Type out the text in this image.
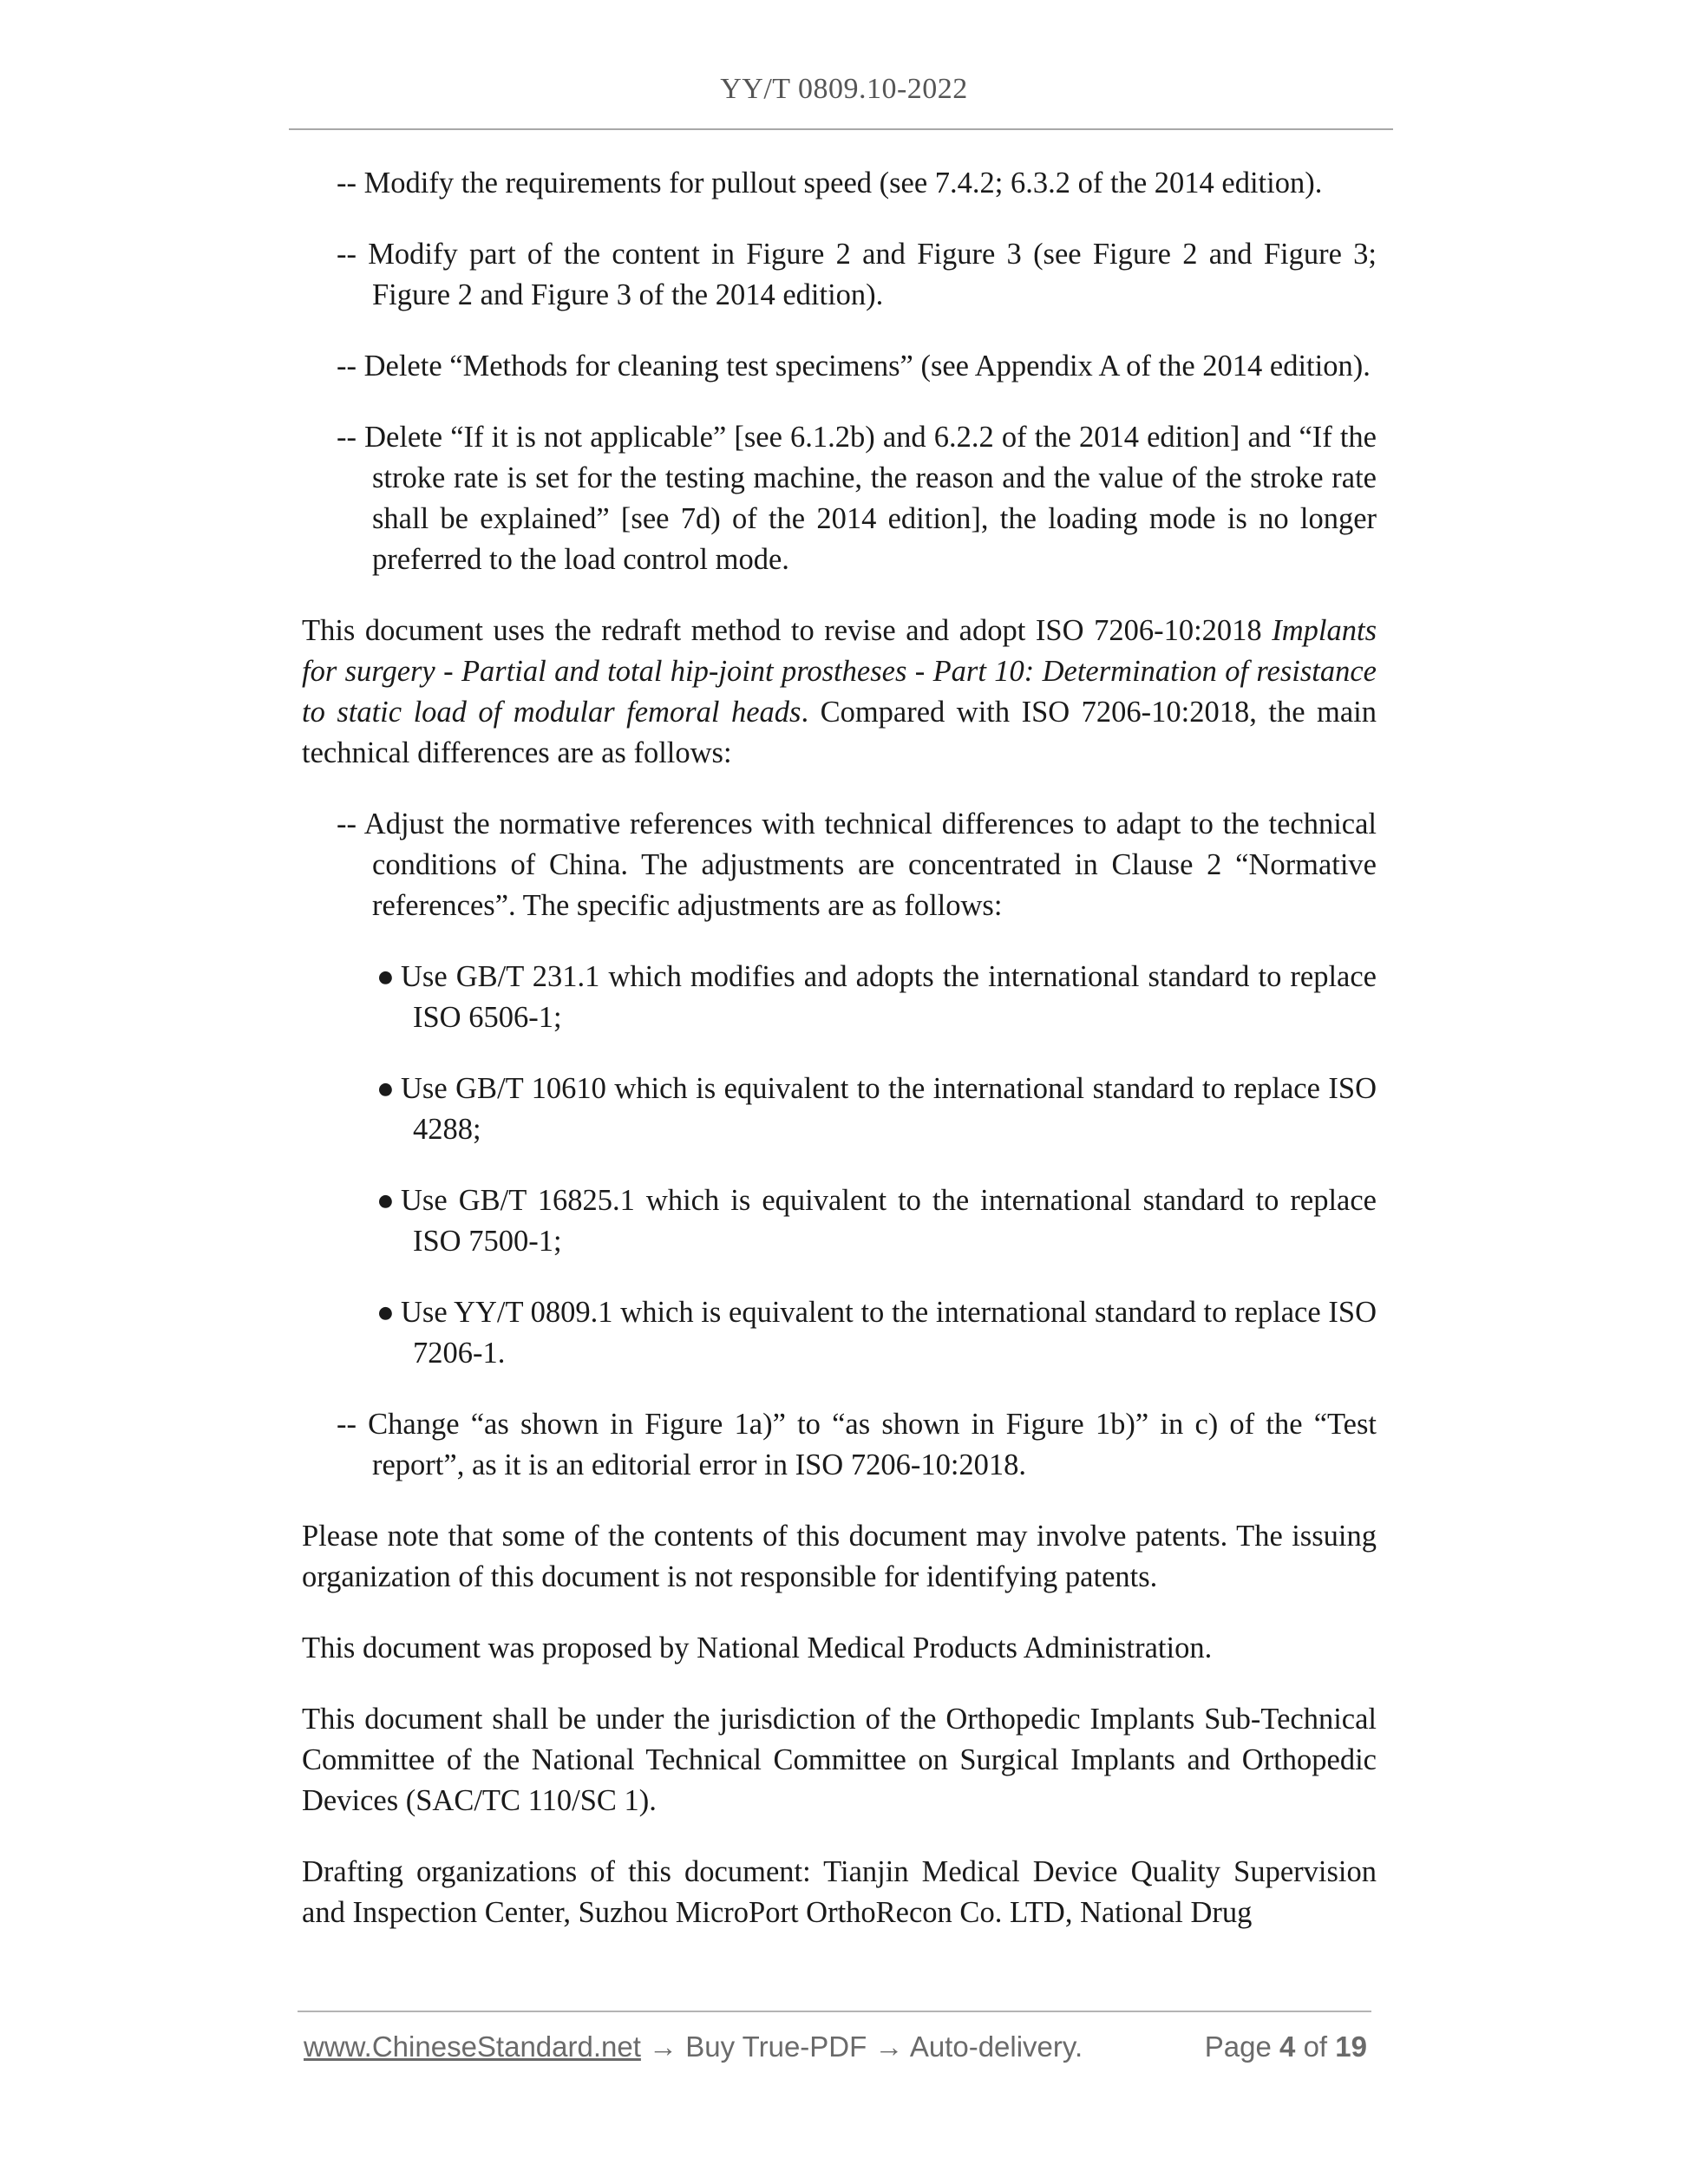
YY/T 0809.10-2022

-- Modify the requirements for pullout speed (see 7.4.2; 6.3.2 of the 2014 edition).

-- Modify part of the content in Figure 2 and Figure 3 (see Figure 2 and Figure 3; Figure 2 and Figure 3 of the 2014 edition).

-- Delete “Methods for cleaning test specimens” (see Appendix A of the 2014 edition).

-- Delete “If it is not applicable” [see 6.1.2b) and 6.2.2 of the 2014 edition] and “If the stroke rate is set for the testing machine, the reason and the value of the stroke rate shall be explained” [see 7d) of the 2014 edition], the loading mode is no longer preferred to the load control mode.

This document uses the redraft method to revise and adopt ISO 7206-10:2018 Implants for surgery - Partial and total hip-joint prostheses - Part 10: Determination of resistance to static load of modular femoral heads. Compared with ISO 7206-10:2018, the main technical differences are as follows:

-- Adjust the normative references with technical differences to adapt to the technical conditions of China. The adjustments are concentrated in Clause 2 “Normative references”. The specific adjustments are as follows:

● Use GB/T 231.1 which modifies and adopts the international standard to replace ISO 6506-1;

● Use GB/T 10610 which is equivalent to the international standard to replace ISO 4288;

● Use GB/T 16825.1 which is equivalent to the international standard to replace ISO 7500-1;

● Use YY/T 0809.1 which is equivalent to the international standard to replace ISO 7206-1.

-- Change “as shown in Figure 1a)” to “as shown in Figure 1b)” in c) of the “Test report”, as it is an editorial error in ISO 7206-10:2018.

Please note that some of the contents of this document may involve patents. The issuing organization of this document is not responsible for identifying patents.

This document was proposed by National Medical Products Administration.

This document shall be under the jurisdiction of the Orthopedic Implants Sub-Technical Committee of the National Technical Committee on Surgical Implants and Orthopedic Devices (SAC/TC 110/SC 1).

Drafting organizations of this document: Tianjin Medical Device Quality Supervision and Inspection Center, Suzhou MicroPort OrthoRecon Co. LTD, National Drug

www.ChineseStandard.net → Buy True-PDF → Auto-delivery.	Page 4 of 19
